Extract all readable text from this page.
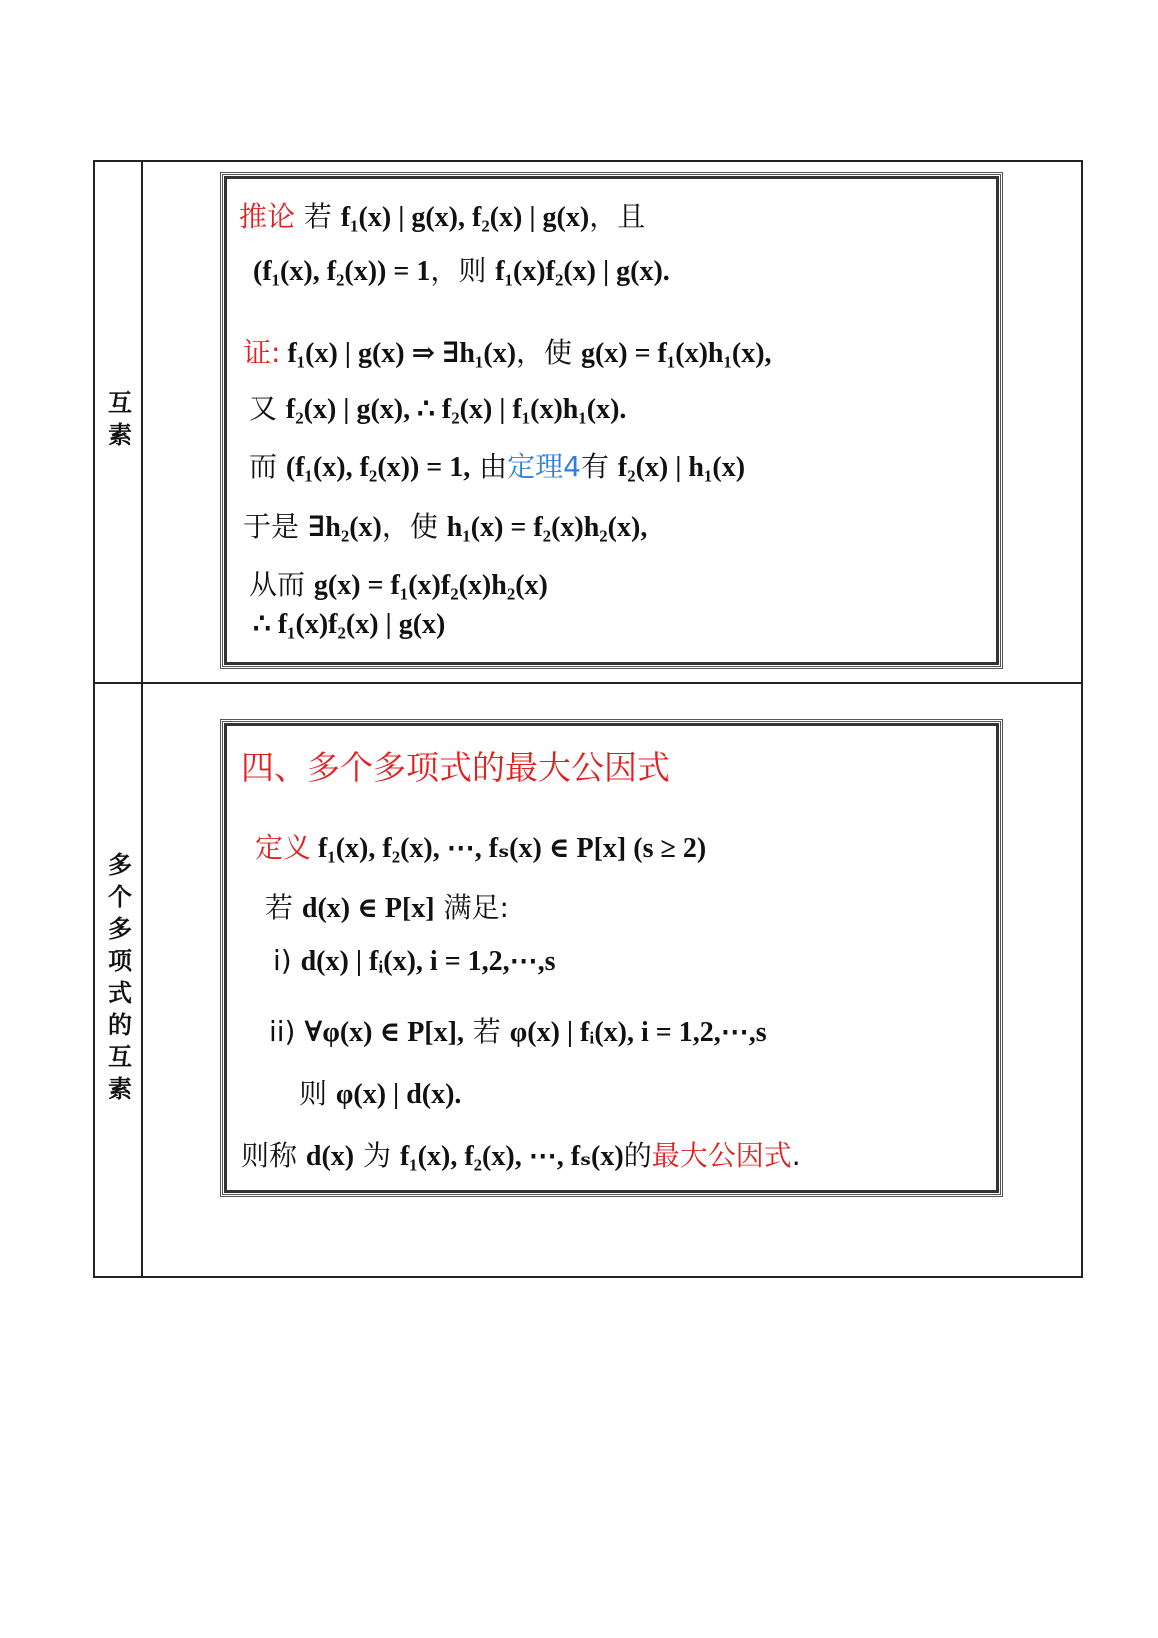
互素
推论 若 f₁(x) | g(x), f₂(x) | g(x)，且
(f₁(x), f₂(x)) = 1，则 f₁(x)f₂(x) | g(x).
证: f₁(x) | g(x) ⇒ ∃h₁(x)，使 g(x) = f₁(x)h₁(x),
又 f₂(x) | g(x), ∴ f₂(x) | f₁(x)h₁(x).
而 (f₁(x), f₂(x)) = 1, 由定理4有 f₂(x) | h₁(x)
于是 ∃h₂(x)，使 h₁(x) = f₂(x)h₂(x),
从而 g(x) = f₁(x)f₂(x)h₂(x)
∴ f₁(x)f₂(x) | g(x)
多个多项式的互素
四、多个多项式的最大公因式
定义 f₁(x), f₂(x), ⋯, fₛ(x) ∈ P[x] (s ≥ 2)
若 d(x) ∈ P[x] 满足:
i) d(x) | fᵢ(x), i = 1,2,⋯,s
ii) ∀φ(x) ∈ P[x], 若 φ(x) | fᵢ(x), i = 1,2,⋯,s
则 φ(x) | d(x).
则称 d(x) 为 f₁(x), f₂(x), ⋯, fₛ(x)的最大公因式.
